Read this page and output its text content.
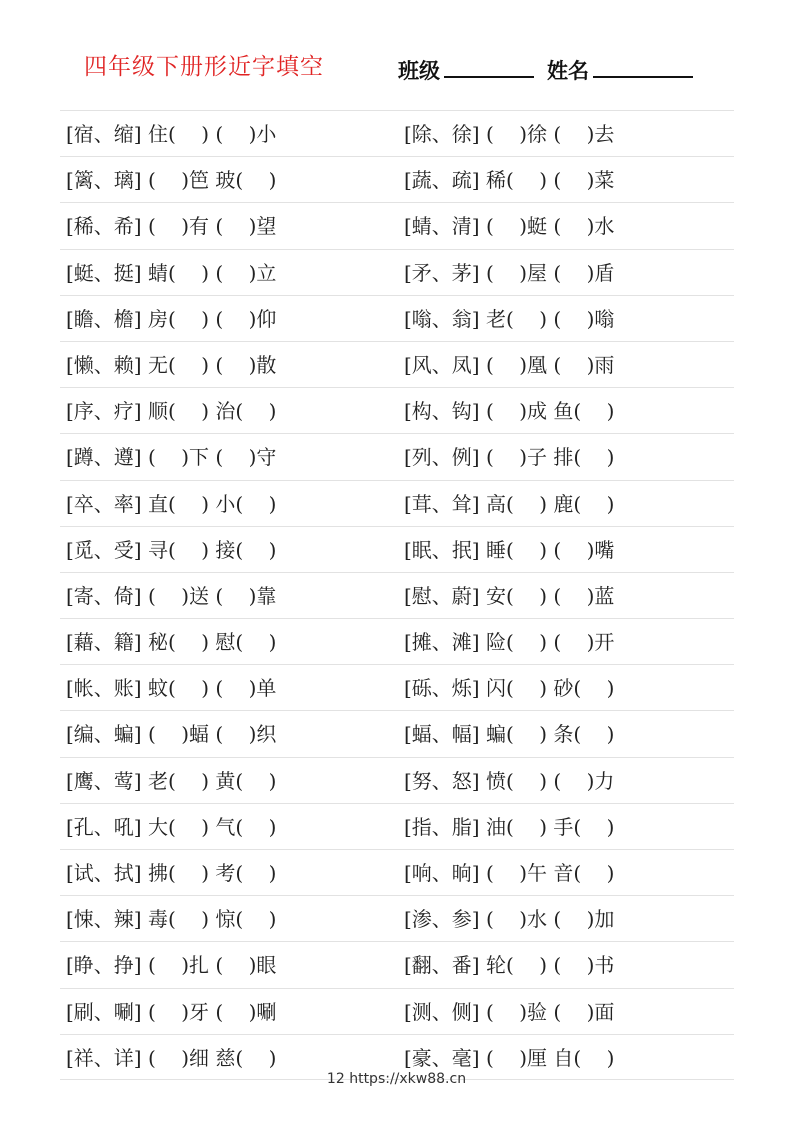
四年级下册形近字填空	班级	姓名
[宿、缩] 住(    ) (    )小	[除、徐] (    )徐 (    )去
[篱、璃] (    )笆 玻(    )	[蔬、疏] 稀(    ) (    )菜
[稀、希] (    )有 (    )望	[蜻、清] (    )蜓 (    )水
[蜓、挺] 蜻(    ) (    )立	[矛、茅] (    )屋 (    )盾
[瞻、檐] 房(    ) (    )仰	[嗡、翁] 老(    ) (    )嗡
[懒、赖] 无(    ) (    )散	[风、凤] (    )凰 (    )雨
[序、疗] 顺(    ) 治(    )	[构、钩] (    )成 鱼(    )
[蹲、遵] (    )下 (    )守	[列、例] (    )子 排(    )
[卒、率] 直(    ) 小(    )	[茸、耸] 高(    ) 鹿(    )
[觅、受] 寻(    ) 接(    )	[眠、抿] 睡(    ) (    )嘴
[寄、倚] (    )送 (    )靠	[慰、蔚] 安(    ) (    )蓝
[藉、籍] 秘(    ) 慰(    )	[摊、滩] 险(    ) (    )开
[帐、账] 蚊(    ) (    )单	[砾、烁] 闪(    ) 砂(    )
[编、蝙] (    )蝠 (    )织	[蝠、幅] 蝙(    ) 条(    )
[鹰、莺] 老(    ) 黄(    )	[努、怒] 愤(    ) (    )力
[孔、吼] 大(    ) 气(    )	[指、脂] 油(    ) 手(    )
[试、拭] 拂(    ) 考(    )	[响、晌] (    )午 音(    )
[悚、辣] 毒(    ) 惊(    )	[渗、参] (    )水 (    )加
[睁、挣] (    )扎 (    )眼	[翻、番] 轮(    ) (    )书
[刷、唰] (    )牙 (    )唰	[测、侧] (    )验 (    )面
[祥、详] (    )细 慈(    )	[豪、毫] (    )厘 自(    )
12 https://xkw88.cn
